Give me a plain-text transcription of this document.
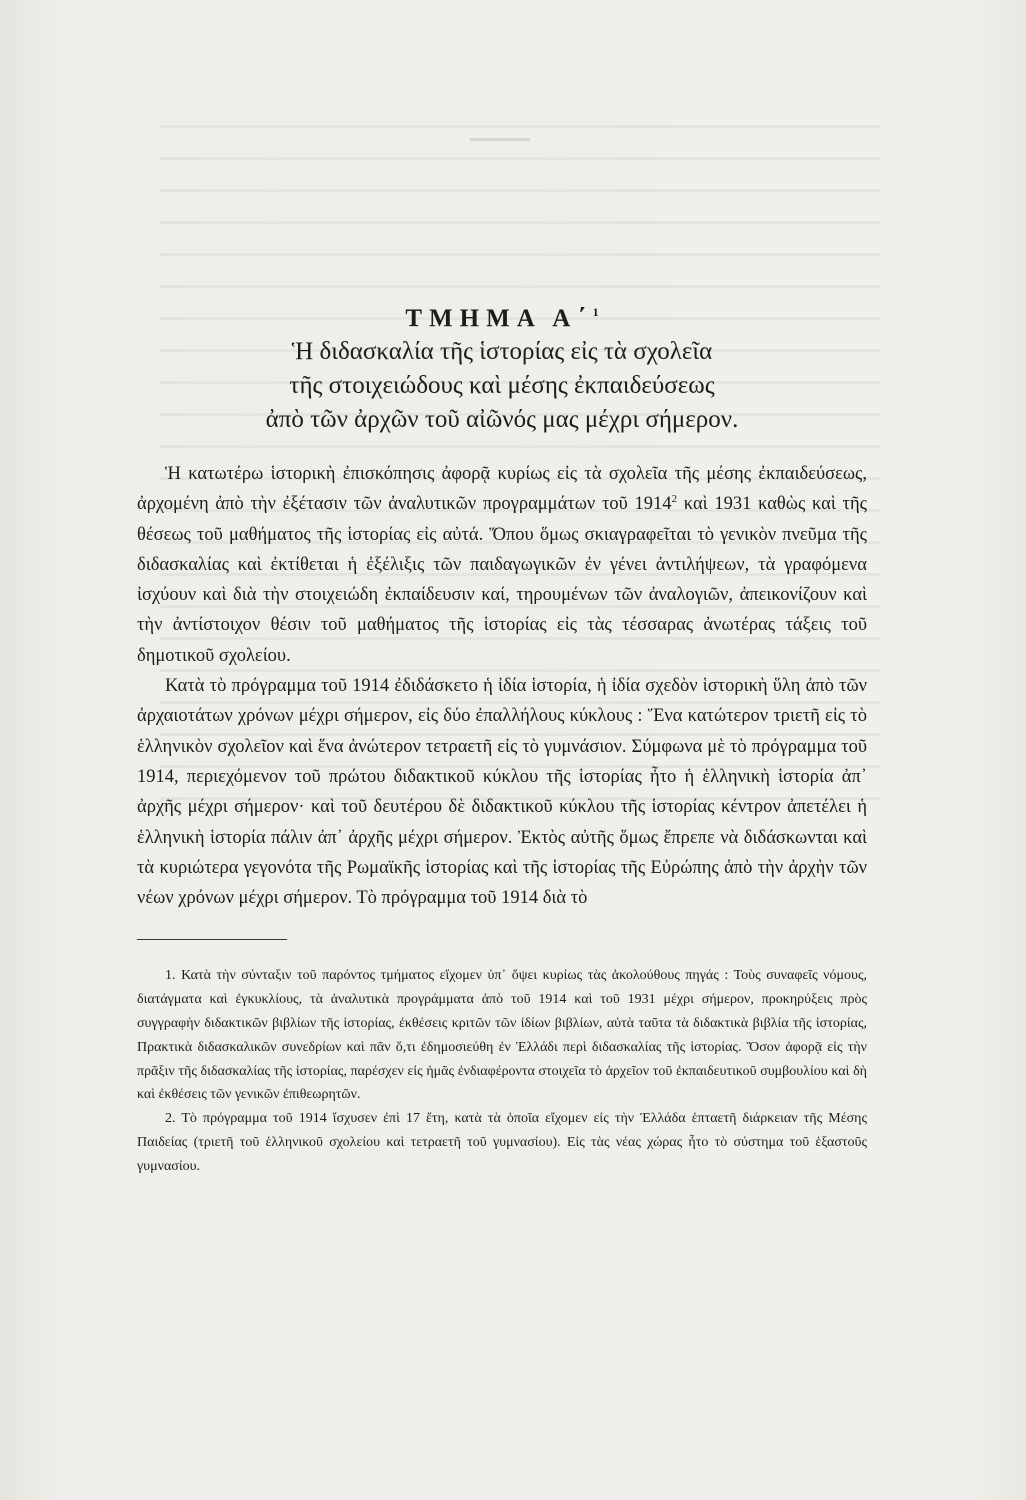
ΤΜΗΜΑ Α΄$^1$
Ἡ διδασκαλία τῆς ἱστορίας εἰς τὰ σχολεῖα
τῆς στοιχειώδους καὶ μέσης ἐκπαιδεύσεως
ἀπὸ τῶν ἀρχῶν τοῦ αἰῶνός μας μέχρι σήμερον.

Ἡ κατωτέρω ἱστορικὴ ἐπισκόπησις ἀφορᾷ κυρίως εἰς τὰ σχολεῖα τῆς μέσης ἐκπαιδεύσεως, ἀρχομένη ἀπὸ τὴν ἐξέτασιν τῶν ἀναλυτικῶν προγραμμάτων τοῦ 1914$^2$ καὶ 1931 καθὼς καὶ τῆς θέσεως τοῦ μαθήματος τῆς ἱστορίας εἰς αὐτά. Ὅπου ὅμως σκιαγραφεῖται τὸ γενικὸν πνεῦμα τῆς διδασκαλίας καὶ ἐκτίθεται ἡ ἐξέλιξις τῶν παιδαγωγικῶν ἐν γένει ἀντιλήψεων, τὰ γραφόμενα ἰσχύουν καὶ διὰ τὴν στοιχειώδη ἐκπαίδευσιν καί, τηρουμένων τῶν ἀναλογιῶν, ἀπεικονίζουν καὶ τὴν ἀντίστοιχον θέσιν τοῦ μαθήματος τῆς ἱστορίας εἰς τὰς τέσσαρας ἀνωτέρας τάξεις τοῦ δημοτικοῦ σχολείου.

Κατὰ τὸ πρόγραμμα τοῦ 1914 ἐδιδάσκετο ἡ ἰδία ἱστορία, ἡ ἰδία σχεδὸν ἱστορικὴ ὕλη ἀπὸ τῶν ἀρχαιοτάτων χρόνων μέχρι σήμερον, εἰς δύο ἐπαλλήλους κύκλους : Ἕνα κατώτερον τριετῆ εἰς τὸ ἑλληνικὸν σχολεῖον καὶ ἕνα ἀνώτερον τετραετῆ εἰς τὸ γυμνάσιον. Σύμφωνα μὲ τὸ πρόγραμμα τοῦ 1914, περιεχόμενον τοῦ πρώτου διδακτικοῦ κύκλου τῆς ἱστορίας ἦτο ἡ ἑλληνικὴ ἱστορία ἀπ᾽ ἀρχῆς μέχρι σήμερον· καὶ τοῦ δευτέρου δὲ διδακτικοῦ κύκλου τῆς ἱστορίας κέντρον ἀπετέλει ἡ ἑλληνικὴ ἱστορία πάλιν ἀπ᾽ ἀρχῆς μέχρι σήμερον. Ἐκτὸς αὐτῆς ὅμως ἔπρεπε νὰ διδάσκωνται καὶ τὰ κυριώτερα γεγονότα τῆς Ρωμαϊκῆς ἱστορίας καὶ τῆς ἱστορίας τῆς Εὐρώπης ἀπὸ τὴν ἀρχὴν τῶν νέων χρόνων μέχρι σήμερον. Τὸ πρόγραμμα τοῦ 1914 διὰ τὸ

1. Κατὰ τὴν σύνταξιν τοῦ παρόντος τμήματος εἴχομεν ὑπ᾽ ὄψει κυρίως τὰς ἀκολούθους πηγάς : Τοὺς συναφεῖς νόμους, διατάγματα καὶ ἐγκυκλίους, τὰ ἀναλυτικὰ προγράμματα ἀπὸ τοῦ 1914 καὶ τοῦ 1931 μέχρι σήμερον, προκηρύξεις πρὸς συγγραφὴν διδακτικῶν βιβλίων τῆς ἱστορίας, ἐκθέσεις κριτῶν τῶν ἰδίων βιβλίων, αὐτὰ ταῦτα τὰ διδακτικὰ βιβλία τῆς ἱστορίας, Πρακτικὰ διδασκαλικῶν συνεδρίων καὶ πᾶν ὅ,τι ἐδημοσιεύθη ἐν Ἑλλάδι περὶ διδασκαλίας τῆς ἱστορίας. Ὅσον ἀφορᾷ εἰς τὴν πρᾶξιν τῆς διδασκαλίας τῆς ἱστορίας, παρέσχεν εἰς ἡμᾶς ἐνδιαφέροντα στοιχεῖα τὸ ἀρχεῖον τοῦ ἐκπαιδευτικοῦ συμβουλίου καὶ δὴ καὶ ἐκθέσεις τῶν γενικῶν ἐπιθεωρητῶν.

2. Τὸ πρόγραμμα τοῦ 1914 ἴσχυσεν ἐπὶ 17 ἔτη, κατὰ τὰ ὁποῖα εἴχομεν εἰς τὴν Ἑλλάδα ἑπταετῆ διάρκειαν τῆς Μέσης Παιδείας (τριετῆ τοῦ ἑλληνικοῦ σχολείου καὶ τετραετῆ τοῦ γυμνασίου). Εἰς τὰς νέας χώρας ἦτο τὸ σύστημα τοῦ ἑξαστοῦς γυμνασίου.
